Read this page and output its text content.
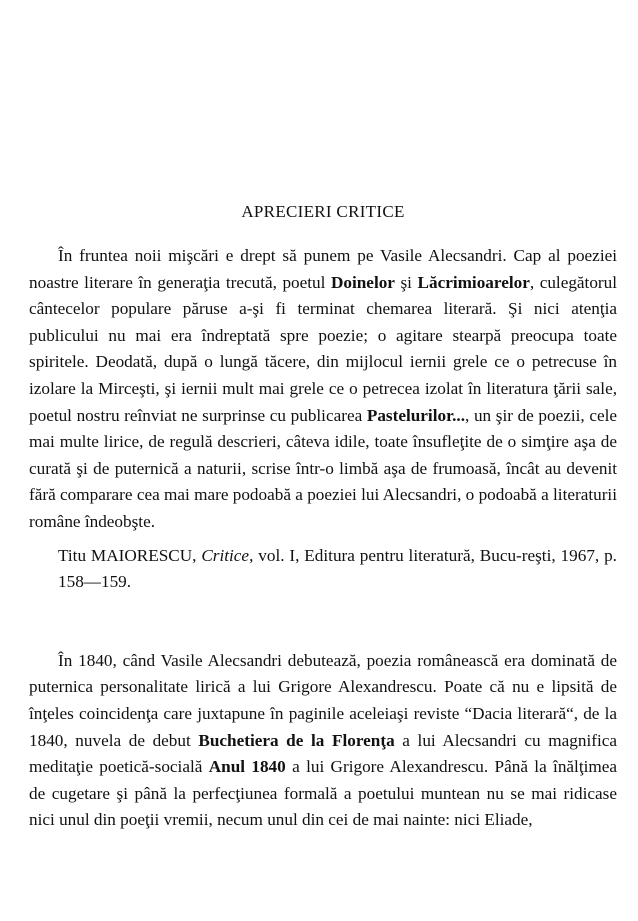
APRECIERI CRITICE

În fruntea noii mişcări e drept să punem pe Vasile Alecsandri. Cap al poeziei noastre literare în generaţia trecută, poetul Doinelor şi Lăcrimioarelor, culegătorul cântecelor populare păruse a-şi fi terminat chemarea literară. Şi nici atenţia publicului nu mai era îndreptată spre poezie; o agitare stearpă preocupa toate spiritele. Deodată, după o lungă tăcere, din mijlocul iernii grele ce o petrecuse în izolare la Mirceşti, şi iernii mult mai grele ce o petrecea izolat în literatura ţării sale, poetul nostru reînviat ne surprinse cu publicarea Pastelurilor..., un şir de poezii, cele mai multe lirice, de regulă descrieri, câteva idile, toate însufleţite de o simţire aşa de curată şi de puternică a naturii, scrise într-o limbă aşa de frumoasă, încât au devenit fără comparare cea mai mare podoabă a poeziei lui Alecsandri, o podoabă a literaturii române îndeobşte.

Titu MAIORESCU, Critice, vol. I, Editura pentru literatură, Bucu-reşti, 1967, p. 158—159.

În 1840, când Vasile Alecsandri debutează, poezia românească era dominată de puternica personalitate lirică a lui Grigore Alexandrescu. Poate că nu e lipsită de înţeles coincidenţa care juxtapune în paginile aceleiaşi reviste “Dacia literară“, de la 1840, nuvela de debut Buchetiera de la Florenţa a lui Alecsandri cu magnifica meditaţie poetică-socială Anul 1840 a lui Grigore Alexandrescu. Până la înălţimea de cugetare şi până la perfecţiunea formală a poetului muntean nu se mai ridicase nici unul din poeţii vremii, necum unul din cei de mai nainte: nici Eliade,
